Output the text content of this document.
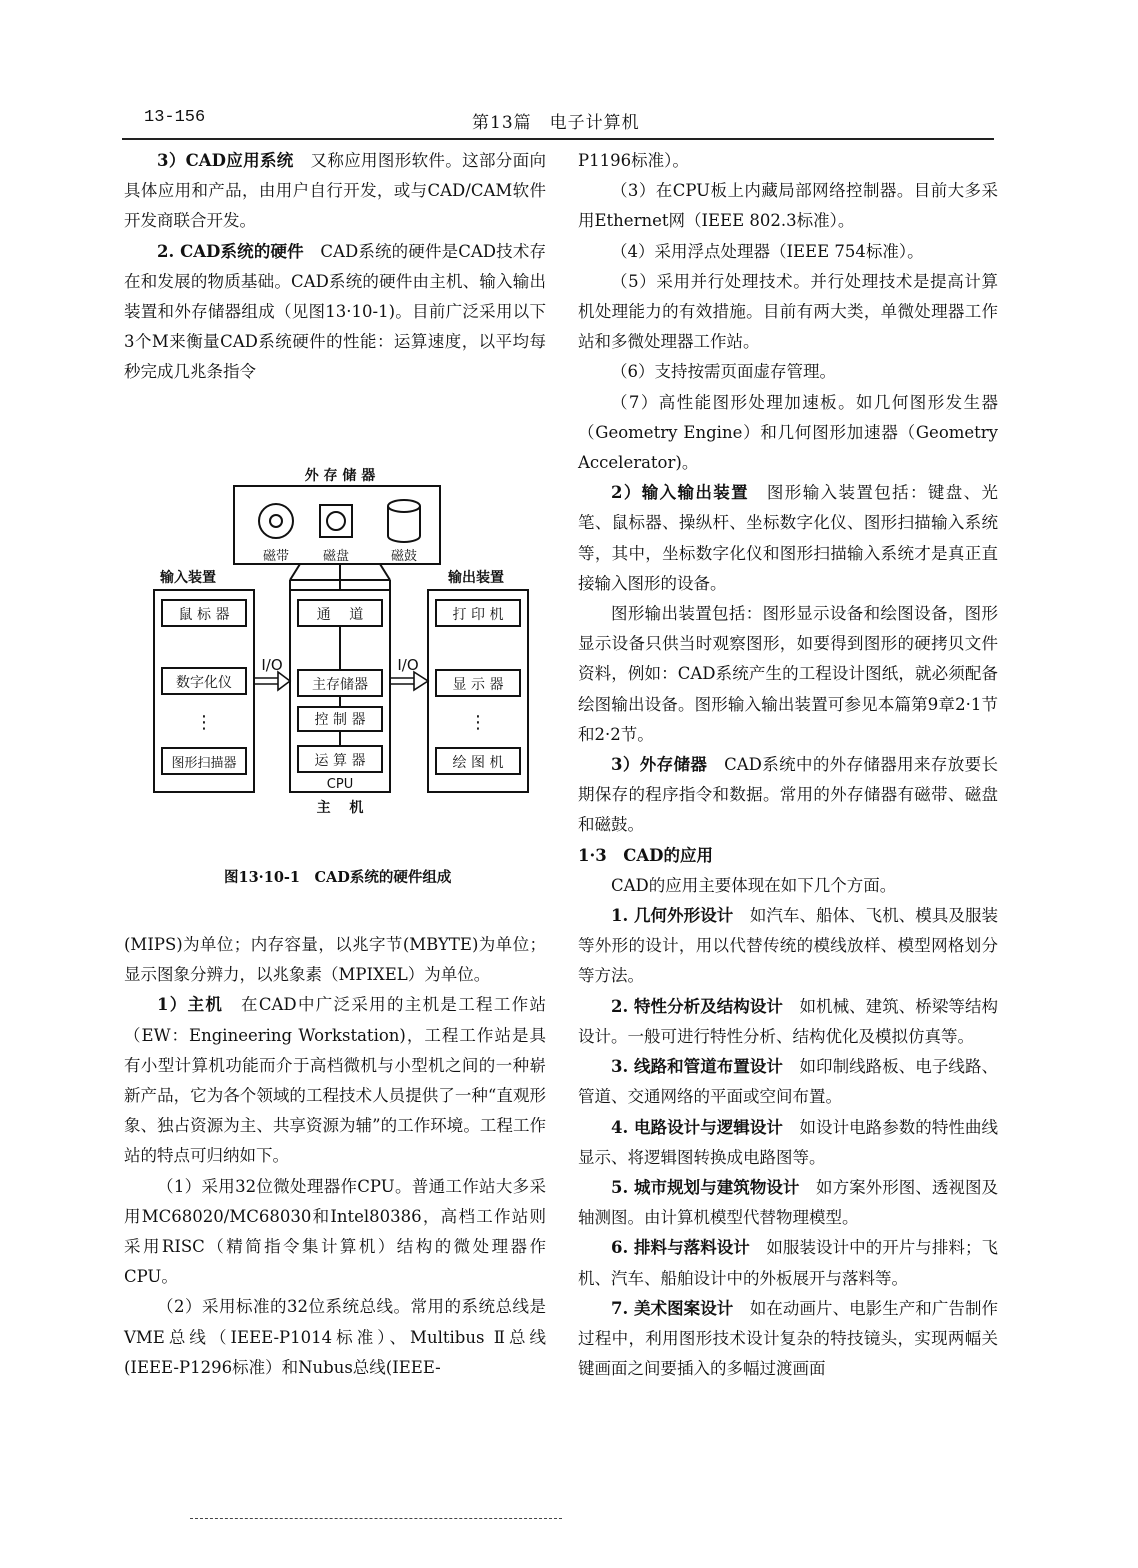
13-156	第13篇　电子计算机

3）CAD应用系统　又称应用图形软件。这部分面向具体应用和产品，由用户自行开发，或与CAD/CAM软件开发商联合开发。

2. CAD系统的硬件　CAD系统的硬件是CAD技术存在和发展的物质基础。CAD系统的硬件由主机、输入输出装置和外存储器组成（见图13·10-1)。目前广泛采用以下3个M来衡量CAD系统硬件的性能：运算速度，以平均每秒完成几兆条指令

外 存 储 器
磁带	磁盘	磁鼓
输入装置	输出装置
鼠 标 器
数字化仪
⋮
图形扫描器
I/O	I/O
通　 道
主存储器
控 制 器
运 算 器
CPU
主　 机
打 印 机
显 示 器
⋮
绘 图 机
图13·10-1　CAD系统的硬件组成

(MIPS)为单位；内存容量，以兆字节(MBYTE)为单位；显示图象分辨力，以兆象素（MPIXEL）为单位。

1）主机　在CAD中广泛采用的主机是工程工作站（EW：Engineering Workstation)，工程工作站是具有小型计算机功能而介于高档微机与小型机之间的一种崭新产品，它为各个领域的工程技术人员提供了一种“直观形象、独占资源为主、共享资源为辅”的工作环境。工程工作站的特点可归纳如下。

（1）采用32位微处理器作CPU。普通工作站大多采用MC68020/MC68030和Intel80386，高档工作站则采用RISC（精简指令集计算机）结构的微处理器作CPU。

（2）采用标准的32位系统总线。常用的系统总线是VME总线（IEEE-P1014标准）、Multibus Ⅱ总线(IEEE-P1296标准）和Nubus总线(IEEE-

P1196标准）。

（3）在CPU板上内藏局部网络控制器。目前大多采用Ethernet网（IEEE 802.3标准）。

（4）采用浮点处理器（IEEE 754标准）。

（5）采用并行处理技术。并行处理技术是提高计算机处理能力的有效措施。目前有两大类，单微处理器工作站和多微处理器工作站。

（6）支持按需页面虚存管理。

（7）高性能图形处理加速板。如几何图形发生器（Geometry Engine）和几何图形加速器（Geometry Accelerator)。

2）输入输出装置　图形输入装置包括：键盘、光笔、鼠标器、操纵杆、坐标数字化仪、图形扫描输入系统等，其中，坐标数字化仪和图形扫描输入系统才是真正直接输入图形的设备。

图形输出装置包括：图形显示设备和绘图设备，图形显示设备只供当时观察图形，如要得到图形的硬拷贝文件资料，例如：CAD系统产生的工程设计图纸，就必须配备绘图输出设备。图形输入输出装置可参见本篇第9章2·1节和2·2节。

3）外存储器　CAD系统中的外存储器用来存放要长期保存的程序指令和数据。常用的外存储器有磁带、磁盘和磁鼓。

1·3　CAD的应用

CAD的应用主要体现在如下几个方面。

1. 几何外形设计　如汽车、船体、飞机、模具及服装等外形的设计，用以代替传统的模线放样、模型网格划分等方法。

2. 特性分析及结构设计　如机械、建筑、桥梁等结构设计。一般可进行特性分析、结构优化及模拟仿真等。

3. 线路和管道布置设计　如印制线路板、电子线路、管道、交通网络的平面或空间布置。

4. 电路设计与逻辑设计　如设计电路参数的特性曲线显示、将逻辑图转换成电路图等。

5. 城市规划与建筑物设计　如方案外形图、透视图及轴测图。由计算机模型代替物理模型。

6. 排料与落料设计　如服装设计中的开片与排料；飞机、汽车、船舶设计中的外板展开与落料等。

7. 美术图案设计　如在动画片、电影生产和广告制作过程中，利用图形技术设计复杂的特技镜头，实现两幅关键画面之间要插入的多幅过渡画面
